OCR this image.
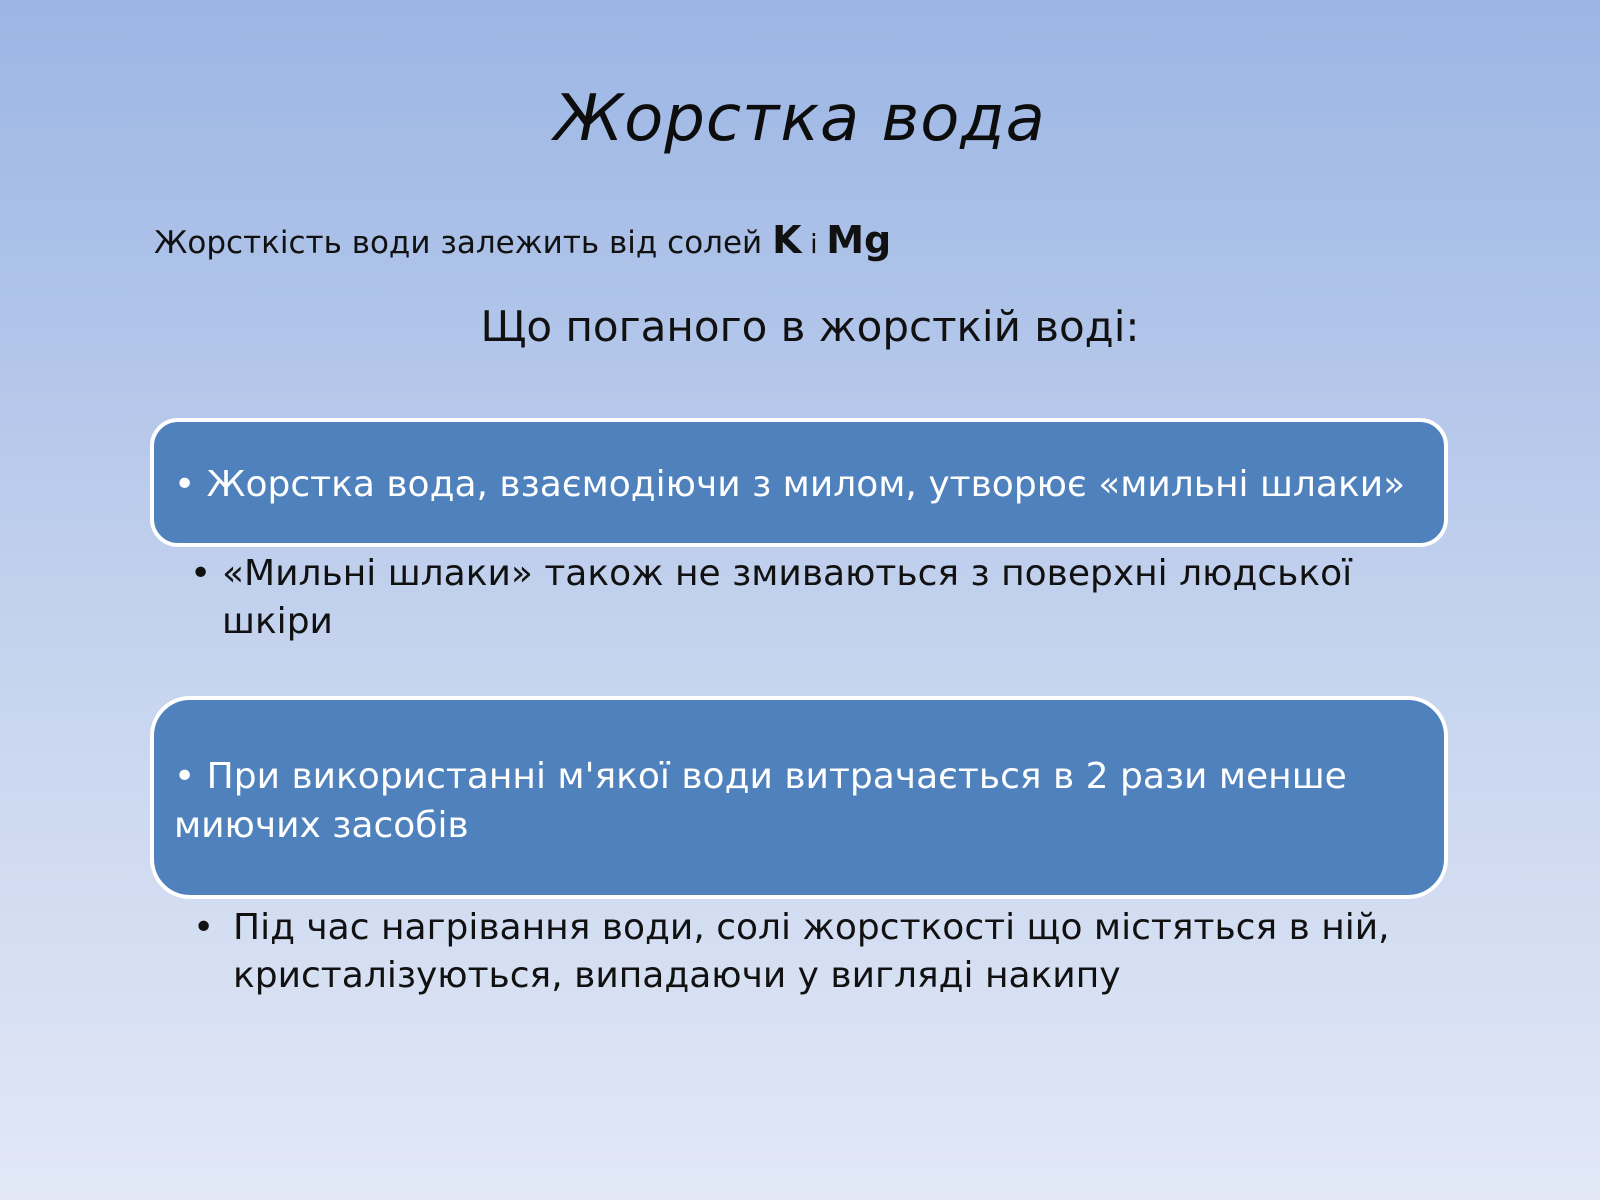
Жорстка вода
Жорсткість води залежить від солей K і Mg
Що поганого в жорсткій воді:
• Жорстка вода, взаємодіючи з милом, утворює «мильні шлаки»
• «Мильні шлаки» також не змиваються з поверхні людської шкіри
• При використанні м'якої води витрачається в 2 рази менше миючих засобів
• Під час нагрівання води, солі жорсткості що містяться в ній, кристалізуються, випадаючи у вигляді накипу
